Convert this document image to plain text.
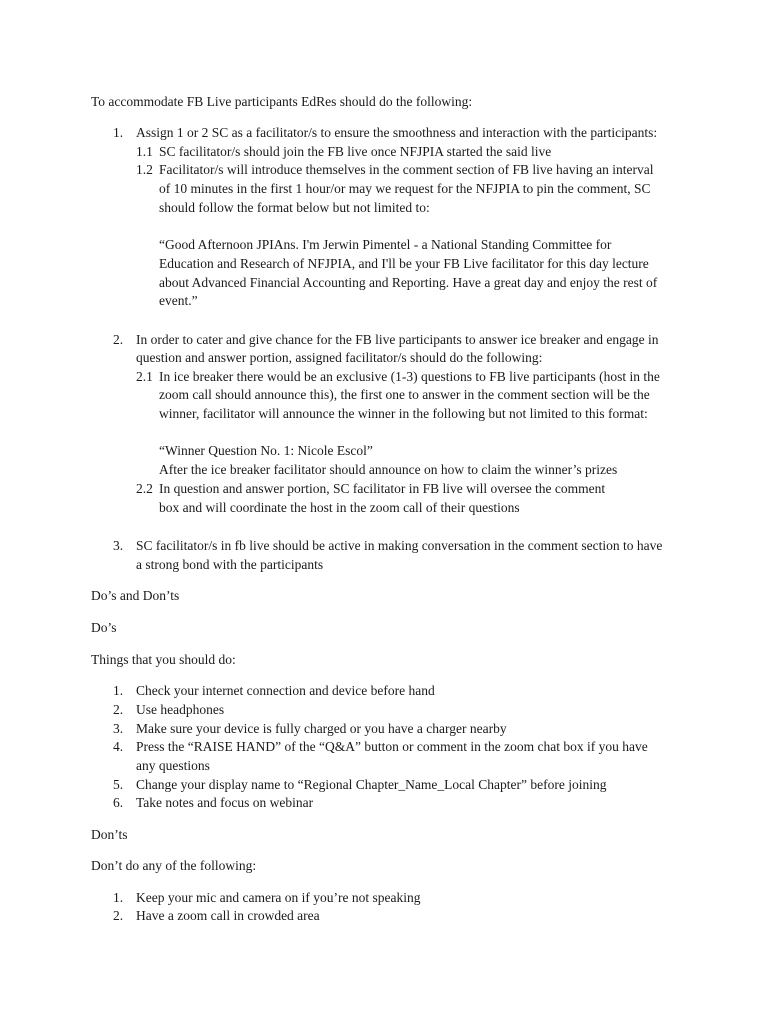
To accommodate FB Live participants EdRes should do the following:
1. Assign 1 or 2 SC as a facilitator/s to ensure the smoothness and interaction with the participants:
1.1 SC facilitator/s should join the FB live once NFJPIA started the said live
1.2 Facilitator/s will introduce themselves in the comment section of FB live having an interval
of 10 minutes in the first 1 hour/or may we request for the NFJPIA to pin the comment, SC
should follow the format below but not limited to:
“Good Afternoon JPIAns. I'm Jerwin Pimentel - a National Standing Committee for
Education and Research of NFJPIA, and I'll be your FB Live facilitator for this day lecture
about Advanced Financial Accounting and Reporting. Have a great day and enjoy the rest of
event.”
2. In order to cater and give chance for the FB live participants to answer ice breaker and engage in
question and answer portion, assigned facilitator/s should do the following:
2.1 In ice breaker there would be an exclusive (1-3) questions to FB live participants (host in the
zoom call should announce this), the first one to answer in the comment section will be the
winner, facilitator will announce the winner in the following but not limited to this format:
“Winner Question No. 1: Nicole Escol”
After the ice breaker facilitator should announce on how to claim the winner’s prizes
2.2 In question and answer portion, SC facilitator in FB live will oversee the comment
box and will coordinate the host in the zoom call of their questions
3. SC facilitator/s in fb live should be active in making conversation in the comment section to have
a strong bond with the participants
Do’s and Don’ts
Do’s
Things that you should do:
1. Check your internet connection and device before hand
2. Use headphones
3. Make sure your device is fully charged or you have a charger nearby
4. Press the “RAISE HAND” of the “Q&A” button or comment in the zoom chat box if you have
any questions
5. Change your display name to “Regional Chapter_Name_Local Chapter” before joining
6. Take notes and focus on webinar
Don’ts
Don’t do any of the following:
1. Keep your mic and camera on if you’re not speaking
2. Have a zoom call in crowded area
